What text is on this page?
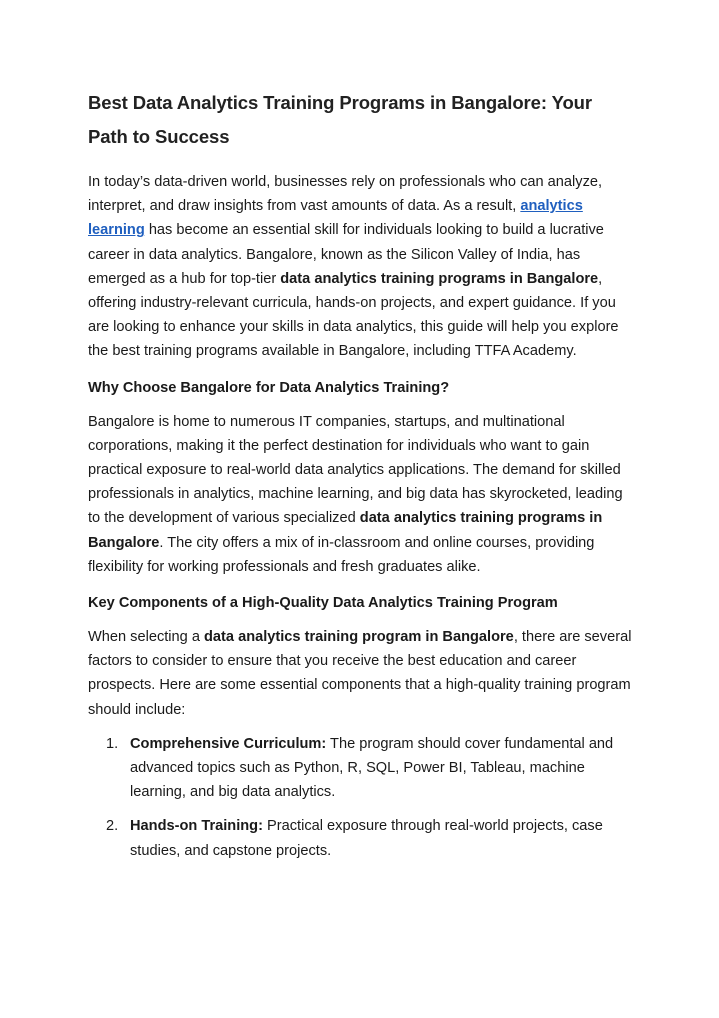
Best Data Analytics Training Programs in Bangalore: Your Path to Success

In today’s data-driven world, businesses rely on professionals who can analyze, interpret, and draw insights from vast amounts of data. As a result, analytics learning has become an essential skill for individuals looking to build a lucrative career in data analytics. Bangalore, known as the Silicon Valley of India, has emerged as a hub for top-tier data analytics training programs in Bangalore, offering industry-relevant curricula, hands-on projects, and expert guidance. If you are looking to enhance your skills in data analytics, this guide will help you explore the best training programs available in Bangalore, including TTFA Academy.

Why Choose Bangalore for Data Analytics Training?

Bangalore is home to numerous IT companies, startups, and multinational corporations, making it the perfect destination for individuals who want to gain practical exposure to real-world data analytics applications. The demand for skilled professionals in analytics, machine learning, and big data has skyrocketed, leading to the development of various specialized data analytics training programs in Bangalore. The city offers a mix of in-classroom and online courses, providing flexibility for working professionals and fresh graduates alike.

Key Components of a High-Quality Data Analytics Training Program

When selecting a data analytics training program in Bangalore, there are several factors to consider to ensure that you receive the best education and career prospects. Here are some essential components that a high-quality training program should include:

1. Comprehensive Curriculum: The program should cover fundamental and advanced topics such as Python, R, SQL, Power BI, Tableau, machine learning, and big data analytics.
2. Hands-on Training: Practical exposure through real-world projects, case studies, and capstone projects.
